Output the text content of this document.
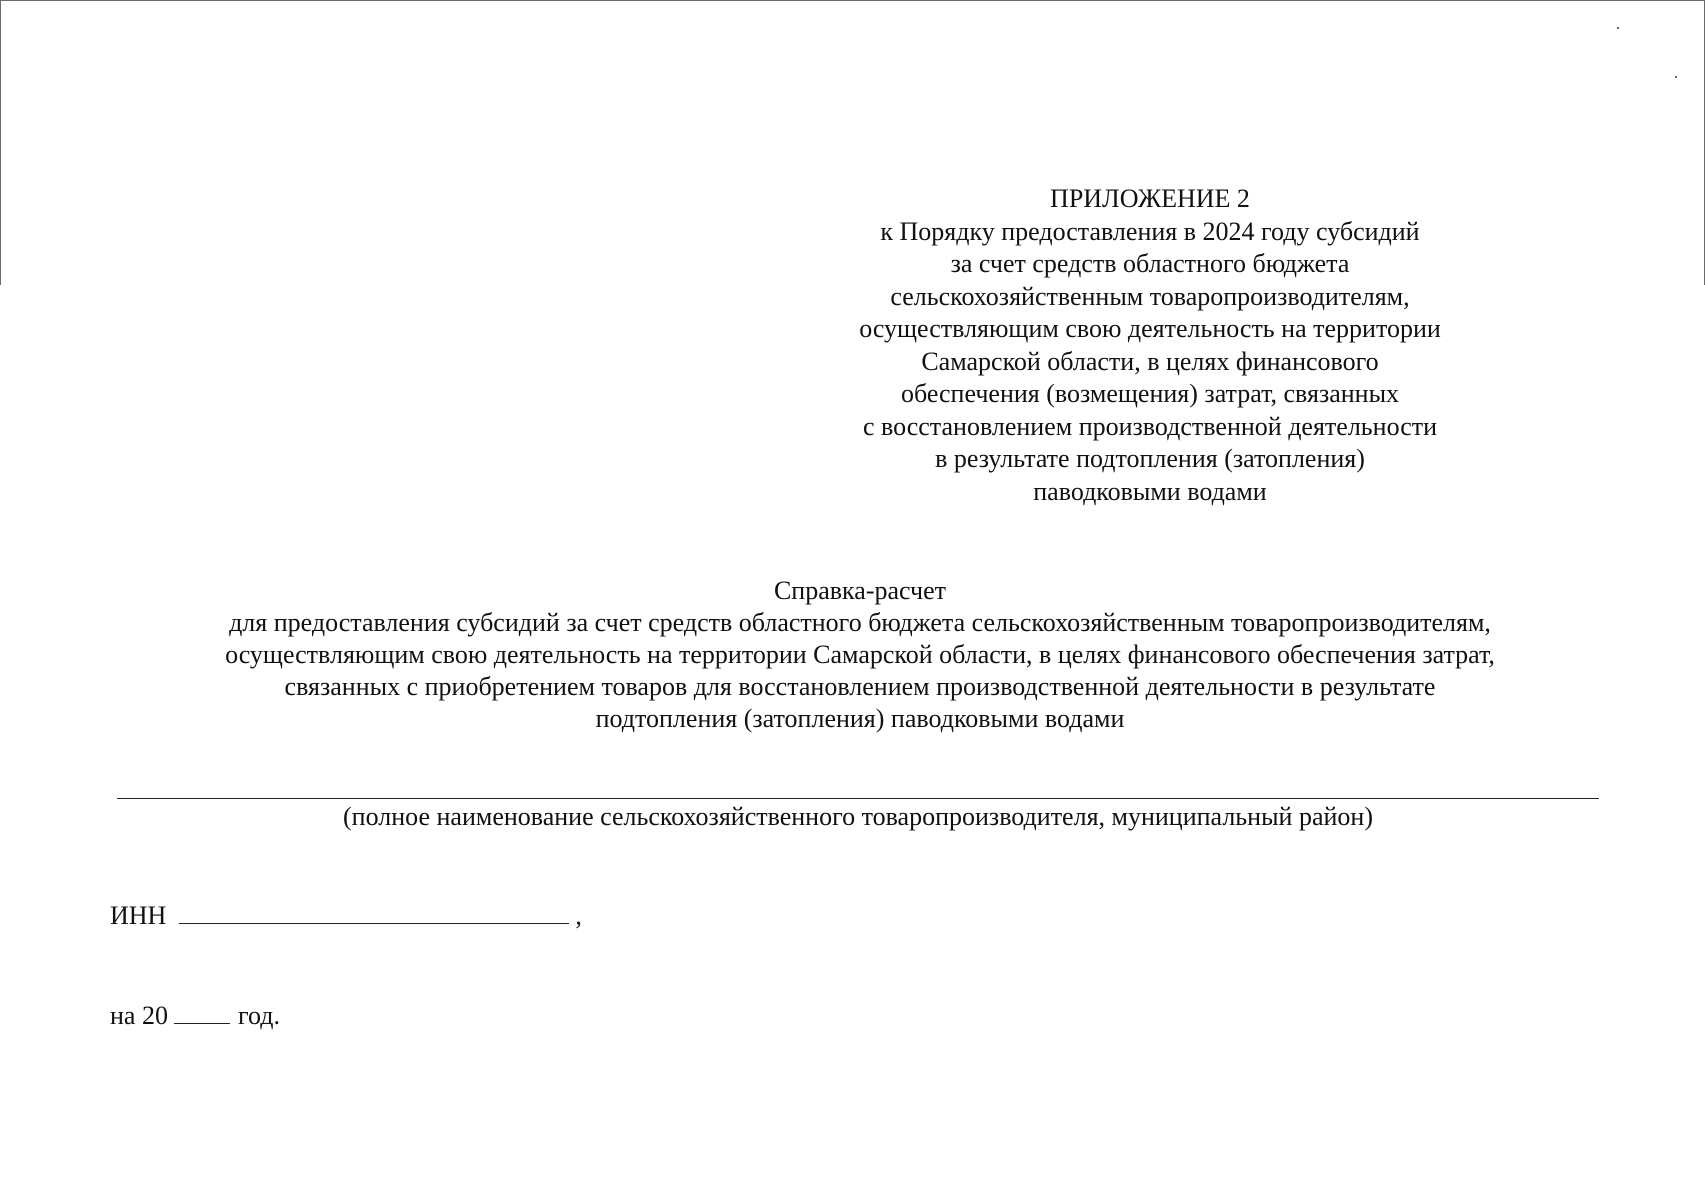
ПРИЛОЖЕНИЕ 2
к Порядку предоставления в 2024 году субсидий
за счет средств областного бюджета
сельскохозяйственным товаропроизводителям,
осуществляющим свою деятельность на территории
Самарской области, в целях финансового
обеспечения (возмещения) затрат, связанных
с восстановлением производственной деятельности
в результате подтопления (затопления)
паводковыми водами
Справка-расчет
для предоставления субсидий за счет средств областного бюджета сельскохозяйственным товаропроизводителям,
осуществляющим свою деятельность на территории Самарской области, в целях финансового обеспечения затрат,
связанных с приобретением товаров для восстановлением производственной деятельности в результате
подтопления (затопления) паводковыми водами
(полное наименование сельскохозяйственного товаропроизводителя, муниципальный район)
ИНН	,
на 20	год.
